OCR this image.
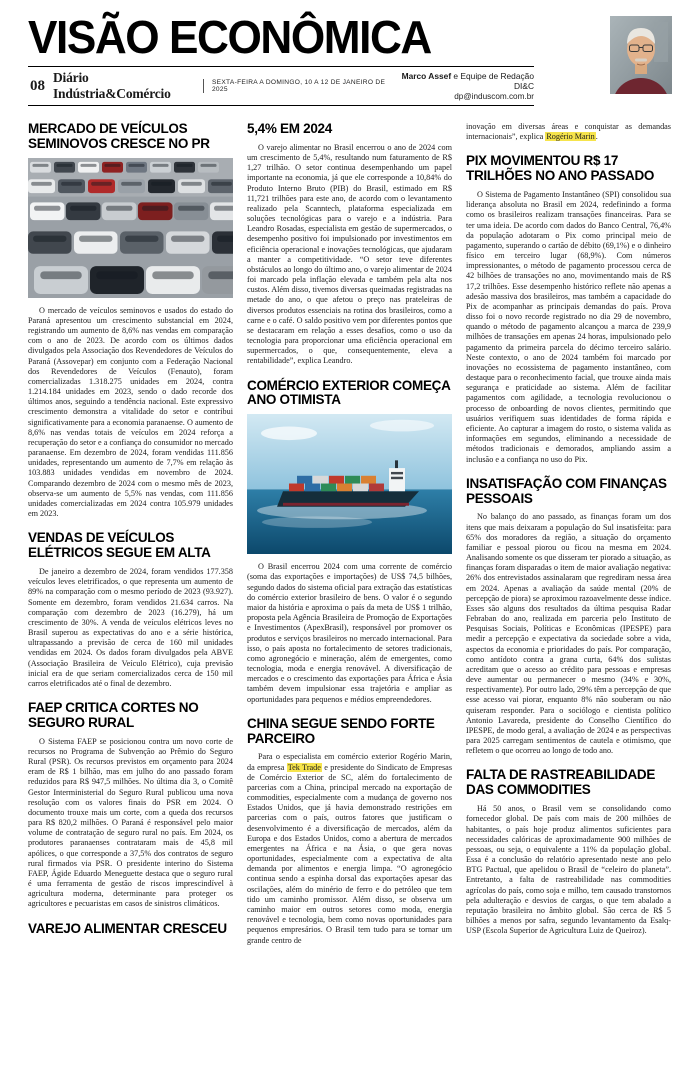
VISÃO ECONÔMICA
08 Diário Indústria&Comércio
SEXTA-FEIRA A DOMINGO, 10 A 12 DE JANEIRO DE 2025
Marco Assef e Equipe de Redação DI&C
dp@induscom.com.br
MERCADO DE VEÍCULOS SEMINOVOS CRESCE NO PR

O mercado de veículos seminovos e usados do estado do Paraná apresentou um crescimento substancial em 2024, registrando um aumento de 8,6% nas vendas em comparação com o ano de 2023. De acordo com os últimos dados divulgados pela Associação dos Revendedores de Veículos do Paraná (Assovepar) em conjunto com a Federação Nacional dos Revendedores de Veículos (Fenauto), foram comercializadas 1.318.275 unidades em 2024, contra 1.214.184 unidades em 2023, sendo o dado recorde dos últimos anos, seguindo a tendência nacional. Este expressivo crescimento demonstra a vitalidade do setor e contribui significativamente para a economia paranaense. O aumento de 8,6% nas vendas totais de veículos em 2024 reforça a recuperação do setor e a confiança do consumidor no mercado paranaense. Em dezembro de 2024, foram vendidas 111.856 unidades, representando um aumento de 7,7% em relação às 103.883 unidades vendidas em novembro de 2024. Comparando dezembro de 2024 com o mesmo mês de 2023, observa-se um aumento de 5,5% nas vendas, com 111.856 unidades comercializadas em 2024 contra 105.979 unidades em 2023.

VENDAS DE VEÍCULOS ELÉTRICOS SEGUE EM ALTA

De janeiro a dezembro de 2024, foram vendidos 177.358 veículos leves eletrificados, o que representa um aumento de 89% na comparação com o mesmo período de 2023 (93.927). Somente em dezembro, foram vendidos 21.634 carros. Na comparação com dezembro de 2023 (16.279), há um crescimento de 30%. A venda de veículos elétricos leves no Brasil superou as expectativas do ano e a série histórica, ultrapassando a previsão de cerca de 160 mil unidades vendidas em 2024. Os dados foram divulgados pela ABVE (Associação Brasileira de Veículo Elétrico), cuja previsão inicial era de que seriam comercializados cerca de 150 mil carros eletrificados até o final de dezembro.

FAEP CRITICA CORTES NO SEGURO RURAL

O Sistema FAEP se posicionou contra um novo corte de recursos no Programa de Subvenção ao Prêmio do Seguro Rural (PSR). Os recursos previstos em orçamento para 2024 eram de R$ 1 bilhão, mas em julho do ano passado foram reduzidos para R$ 947,5 milhões. No última dia 3, o Comitê Gestor Interministerial do Seguro Rural publicou uma nova resolução com os valores finais do PSR em 2024. O documento trouxe mais um corte, com a queda dos recursos para R$ 820,2 milhões. O Paraná é responsável pelo maior volume de contratação de seguro rural no país. Em 2024, os produtores paranaenses contrataram mais de 45,8 mil apólices, o que corresponde a 37,5% dos contratos de seguro rural firmados via PSR. O presidente interino do Sistema FAEP, Ágide Eduardo Meneguette destaca que o seguro rural é uma ferramenta de gestão de riscos imprescindível à agricultura moderna, determinante para proteger os agricultores e pecuaristas em casos de sinistros climáticos.

VAREJO ALIMENTAR CRESCEU
5,4% EM 2024

O varejo alimentar no Brasil encerrou o ano de 2024 com um crescimento de 5,4%, resultando num faturamento de R$ 1,27 trilhão. O setor continua desempenhando um papel importante na economia, já que ele corresponde a 10,84% do Produto Interno Bruto (PIB) do Brasil, estimado em R$ 11,721 trilhões para este ano, de acordo com o levantamento realizado pela Scanntech, plataforma especializada em soluções tecnológicas para o varejo e a indústria. Para Leandro Rosadas, especialista em gestão de supermercados, o desempenho positivo foi impulsionado por investimentos em eficiência operacional e inovações tecnológicas, que ajudaram a manter a competitividade. “O setor teve diferentes obstáculos ao longo do último ano, o varejo alimentar de 2024 foi marcado pela inflação elevada e também pela alta nos custos. Além disso, tivemos diversas queimadas registradas na metade do ano, o que afetou o preço nas prateleiras de diversos produtos essenciais na rotina dos brasileiros, como a carne e o café. O saldo positivo vem por diferentes pontos que se destacaram em relação a esses desafios, como o uso da tecnologia para proporcionar uma eficiência operacional em supermercados, o que, consequentemente, eleva a rentabilidade”, explica Leandro.

COMÉRCIO EXTERIOR COMEÇA ANO OTIMISTA

O Brasil encerrou 2024 com uma corrente de comércio (soma das exportações e importações) de US$ 74,5 bilhões, segundo dados do sistema oficial para extração das estatísticas do comércio exterior brasileiro de bens. O valor é o segundo maior da história e aproxima o país da meta de US$ 1 trilhão, proposta pela Agência Brasileira de Promoção de Exportações e Investimentos (ApexBrasil), responsável por promover os produtos e serviços brasileiros no mercado internacional. Para isso, o país aposta no fortalecimento de setores tradicionais, como agronegócio e mineração, além de emergentes, como tecnologia, moda e energia renovável. A diversificação de mercados e o crescimento das exportações para África e Ásia também devem impulsionar essa trajetória e ampliar as oportunidades para pequenos e médios empreendedores.

CHINA SEGUE SENDO FORTE PARCEIRO

Para o especialista em comércio exterior Rogério Marin, da empresa Tek Trade e presidente do Sindicato de Empresas de Comércio Exterior de SC, além do fortalecimento de parcerias com a China, principal mercado na exportação de commodities, especialmente com a mudança de governo nos Estados Unidos, que já havia demonstrado restrições em parcerias com o país, outros fatores que justificam o desenvolvimento é a diversificação de mercados, além da Europa e dos Estados Unidos, como a abertura de mercados emergentes na África e na Ásia, o que gera novas oportunidades, especialmente com a expectativa de alta demanda por alimentos e energia limpa. “O agronegócio continua sendo a espinha dorsal das exportações apesar das oscilações, além do minério de ferro e do petróleo que tem tido um caminho promissor. Além disso, se observa um caminho maior em outros setores como moda, energia renovável e tecnologia, bem como novas oportunidades para pequenos empresários. O Brasil tem tudo para se tornar um grande centro de

inovação em diversas áreas e conquistar as demandas internacionais”, explica Rogério Marin.

PIX MOVIMENTOU R$ 17 TRILHÕES NO ANO PASSADO

O Sistema de Pagamento Instantâneo (SPI) consolidou sua liderança absoluta no Brasil em 2024, redefinindo a forma como os brasileiros realizam transações financeiras. Para se ter uma ideia. De acordo com dados do Banco Central, 76,4% da população adotaram o Pix como principal meio de pagamento, superando o cartão de débito (69,1%) e o dinheiro físico em terceiro lugar (68,9%). Com números impressionantes, o método de pagamento processou cerca de 42 bilhões de transações no ano, movimentando mais de R$ 17,2 trilhões. Esse desempenho histórico reflete não apenas a adesão massiva dos brasileiros, mas também a capacidade do Pix de acompanhar as principais demandas do país. Prova disso foi o novo recorde registrado no dia 29 de novembro, quando o método de pagamento alcançou a marca de 239,9 milhões de transações em apenas 24 horas, impulsionado pelo pagamento da primeira parcela do décimo terceiro salário. Neste contexto, o ano de 2024 também foi marcado por inovações no ecossistema de pagamento instantâneo, com destaque para o reconhecimento facial, que trouxe ainda mais segurança e praticidade ao sistema. Além de facilitar pagamentos com agilidade, a tecnologia revolucionou o processo de onboarding de novos clientes, permitindo que usuários verifiquem suas identidades de forma rápida e eficiente. Ao capturar a imagem do rosto, o sistema valida as informações em segundos, eliminando a necessidade de métodos tradicionais e demorados, ampliando assim a inclusão e a confiança no uso do Pix.

INSATISFAÇÃO COM FINANÇAS PESSOAIS

No balanço do ano passado, as finanças foram um dos itens que mais deixaram a população do Sul insatisfeita: para 65% dos moradores da região, a situação do orçamento familiar e pessoal piorou ou ficou na mesma em 2024. Analisando somente os que disseram ter piorado a situação, as finanças foram disparadas o item de maior avaliação negativa: 26% dos entrevistados assinalaram que regrediram nessa área em 2024. Apenas a avaliação da saúde mental (20% de percepção de piora) se aproximou razoavelmente desse índice. Esses são alguns dos resultados da última pesquisa Radar Febraban do ano, realizada em parceria pelo Instituto de Pesquisas Sociais, Políticas e Econômicas (IPESPE) para medir a percepção e expectativa da sociedade sobre a vida, aspectos da economia e prioridades do país. Por comparação, como antídoto contra a grana curta, 64% dos sulistas acreditam que o acesso ao crédito para pessoas e empresas deve aumentar ou permanecer o mesmo (34% e 30%, respectivamente). Por outro lado, 29% têm a percepção de que esse acesso vai piorar, enquanto 8% não souberam ou não quiseram responder. Para o sociólogo e cientista político Antonio Lavareda, presidente do Conselho Científico do IPESPE, de modo geral, a avaliação de 2024 e as perspectivas para 2025 carregam sentimentos de cautela e otimismo, que refletem o que ocorreu ao longo de todo ano.

FALTA DE RASTREABILIDADE DAS COMMODITIES

Há 50 anos, o Brasil vem se consolidando como fornecedor global. De país com mais de 200 milhões de habitantes, o país hoje produz alimentos suficientes para necessidades calóricas de aproximadamente 900 milhões de pessoas, ou seja, o equivalente a 11% da população global. Essa é a conclusão do relatório apresentado neste ano pelo BTG Pactual, que apelidou o Brasil de “celeiro do planeta”. Entretanto, a falta de rastreabilidade nas commodities agrícolas do país, como soja e milho, tem causado transtornos pela adulteração e desvios de cargas, o que tem abalado a reputação brasileira no âmbito global. São cerca de R$ 5 bilhões a menos por safra, segundo levantamento da Esalq-USP (Escola Superior de Agricultura Luiz de Queiroz).
